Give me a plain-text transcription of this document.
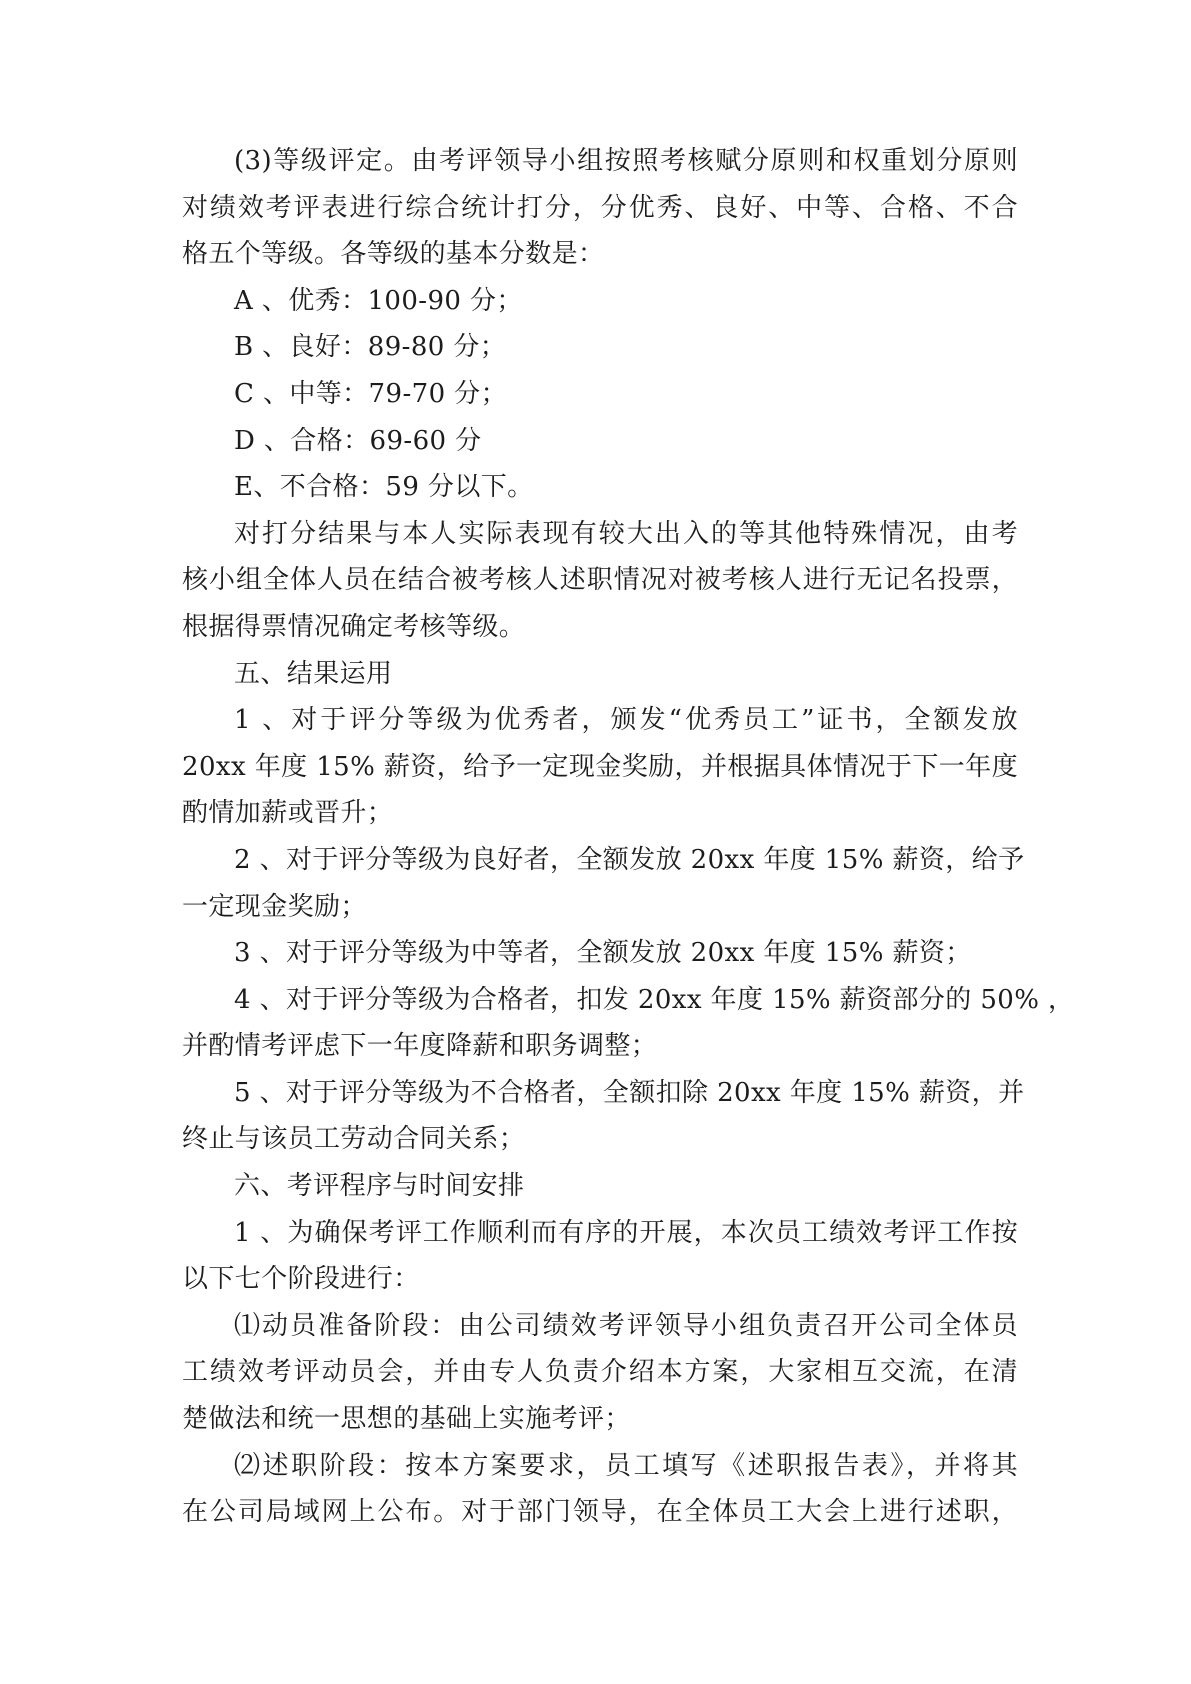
(3)等级评定。由考评领导小组按照考核赋分原则和权重划分原则
对绩效考评表进行综合统计打分，分优秀、良好、中等、合格、不合
格五个等级。各等级的基本分数是：
A 、优秀：100-90 分；
B 、良好：89-80 分；
C 、中等：79-70 分；
D 、合格：69-60 分
E、不合格：59 分以下。
对打分结果与本人实际表现有较大出入的等其他特殊情况，由考
核小组全体人员在结合被考核人述职情况对被考核人进行无记名投票，
根据得票情况确定考核等级。
五、结果运用
1 、对于评分等级为优秀者，颁发“优秀员工”证书，全额发放
20xx 年度 15% 薪资，给予一定现金奖励，并根据具体情况于下一年度
酌情加薪或晋升；
2 、对于评分等级为良好者，全额发放 20xx 年度 15% 薪资，给予
一定现金奖励；
3 、对于评分等级为中等者，全额发放 20xx 年度 15% 薪资；
4 、对于评分等级为合格者，扣发 20xx 年度 15% 薪资部分的 50% ，
并酌情考评虑下一年度降薪和职务调整；
5 、对于评分等级为不合格者，全额扣除 20xx 年度 15% 薪资，并
终止与该员工劳动合同关系；
六、考评程序与时间安排
1 、为确保考评工作顺利而有序的开展，本次员工绩效考评工作按
以下七个阶段进行：
⑴动员准备阶段：由公司绩效考评领导小组负责召开公司全体员
工绩效考评动员会，并由专人负责介绍本方案，大家相互交流，在清
楚做法和统一思想的基础上实施考评；
⑵述职阶段：按本方案要求，员工填写《述职报告表》，并将其
在公司局域网上公布。对于部门领导，在全体员工大会上进行述职，
